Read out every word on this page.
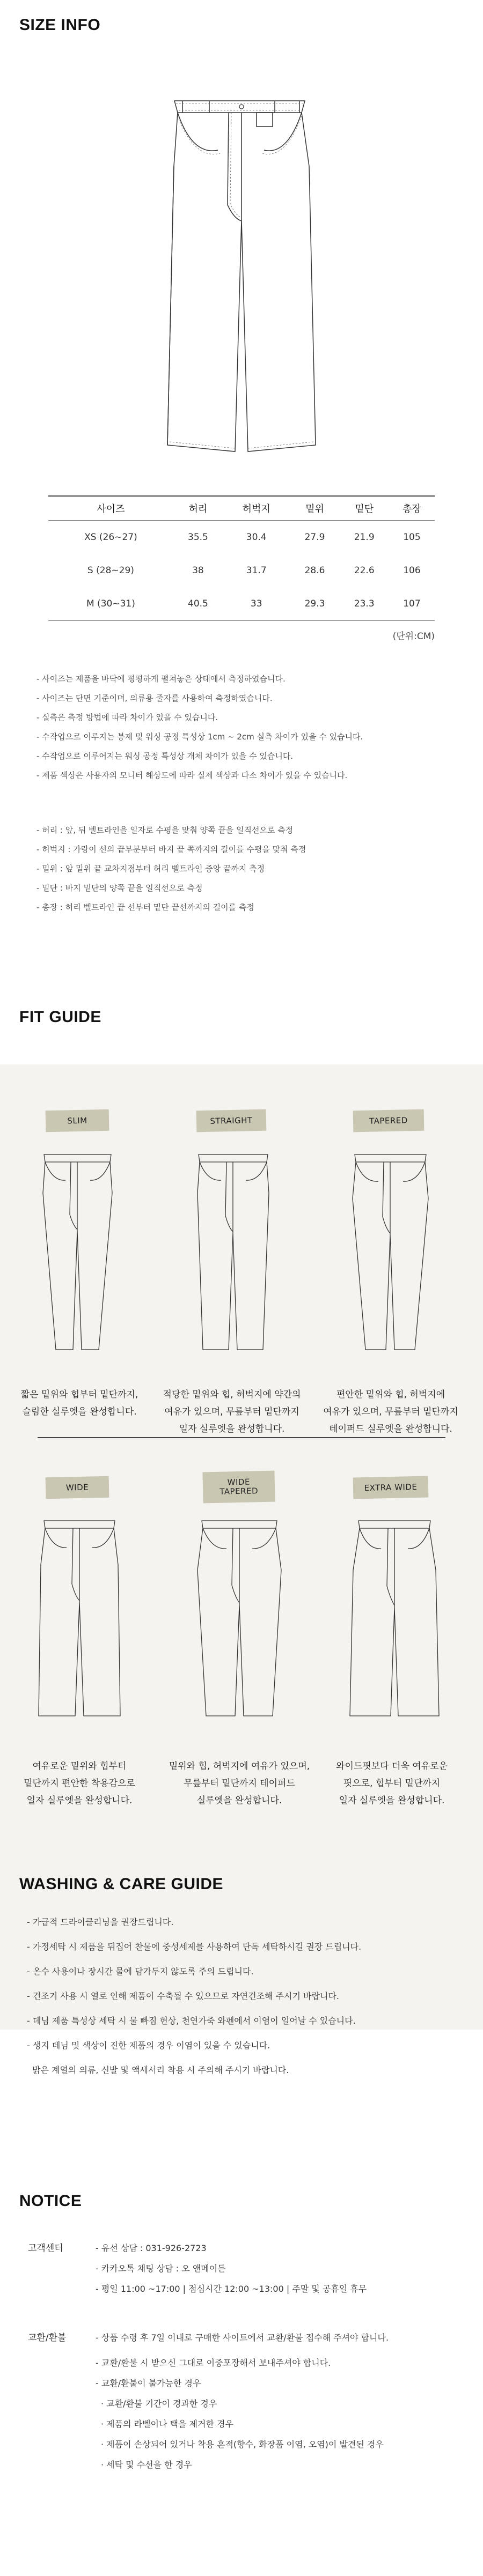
SIZE INFO
사이즈	허리	허벅지	밑위	밑단	총장
XS (26~27)	35.5	30.4	27.9	21.9	105
S (28~29)	38	31.7	28.6	22.6	106
M (30~31)	40.5	33	29.3	23.3	107
(단위:CM)
- 사이즈는 제품을 바닥에 평평하게 펼쳐놓은 상태에서 측정하였습니다.
- 사이즈는 단면 기준이며, 의류용 줄자를 사용하여 측정하였습니다.
- 실측은 측정 방법에 따라 차이가 있을 수 있습니다.
- 수작업으로 이루지는 봉제 및 워싱 공정 특성상 1cm ~ 2cm 실측 차이가 있을 수 있습니다.
- 수작업으로 이루어지는 워싱 공정 특성상 개체 차이가 있을 수 있습니다.
- 제품 색상은 사용자의 모니터 해상도에 따라 실제 색상과 다소 차이가 있을 수 있습니다.
- 허리 : 앞, 뒤 벨트라인을 일자로 수평을 맞춰 양쪽 끝을 일직선으로 측정
- 허벅지 : 가랑이 선의 끝부분부터 바지 끝 쪽까지의 길이를 수평을 맞춰 측정
- 밑위 : 앞 밑위 끝 교차지점부터 허리 벨트라인 중앙 끝까지 측정
- 밑단 : 바지 밑단의 양쪽 끝을 일직선으로 측정
- 총장 : 허리 벨트라인 끝 선부터 밑단 끝선까지의 길이를 측정
FIT GUIDE
SLIM	STRAIGHT	TAPERED
짧은 밑위와 힙부터 밑단까지,
슬림한 실루엣을 완성합니다.
적당한 밑위와 힙, 허벅지에 약간의
여유가 있으며, 무릎부터 밑단까지
일자 실루엣을 완성합니다.
편안한 밑위와 힙, 허벅지에
여유가 있으며, 무릎부터 밑단까지
테이퍼드 실루엣을 완성합니다.
WIDE
WIDE
TAPERED	EXTRA WIDE
여유로운 밑위와 힙부터
밑단까지 편안한 착용감으로
일자 실루엣을 완성합니다.
밑위와 힙, 허벅지에 여유가 있으며,
무릎부터 밑단까지 테이퍼드
실루엣을 완성합니다.
와이드핏보다 더욱 여유로운
핏으로, 힙부터 밑단까지
일자 실루엣을 완성합니다.
WASHING & CARE GUIDE
- 가급적 드라이클리닝을 권장드립니다.
- 가정세탁 시 제품을 뒤집어 찬물에 중성세제를 사용하여 단독 세탁하시길 권장 드립니다.
- 온수 사용이나 장시간 물에 담가두지 않도록 주의 드립니다.
- 건조기 사용 시 열로 인해 제품이 수축될 수 있으므로 자연건조해 주시기 바랍니다.
- 데님 제품 특성상 세탁 시 물 빠짐 현상, 천연가죽 와펜에서 이염이 일어날 수 있습니다.
- 생지 데님 및 색상이 진한 제품의 경우 이염이 있을 수 있습니다.
밝은 계열의 의류, 신발 및 액세서리 착용 시 주의해 주시기 바랍니다.
NOTICE
고객센터	- 유선 상담 : 031-926-2723
- 카카오톡 채팅 상담 : 오 앤메이든
- 평일 11:00 ~17:00 | 점심시간 12:00 ~13:00 | 주말 및 공휴일 휴무
교환/환불	- 상품 수령 후 7일 이내로 구매한 사이트에서 교환/환불 접수해 주셔야 합니다.
- 교환/환불 시 받으신 그대로 이중포장해서 보내주셔야 합니다.
- 교환/환불이 불가능한 경우
· 교환/환불 기간이 경과한 경우
· 제품의 라벨이나 택을 제거한 경우
· 제품이 손상되어 있거나 착용 흔적(향수, 화장품 이염, 오염)이 발견된 경우
· 세탁 및 수선을 한 경우
